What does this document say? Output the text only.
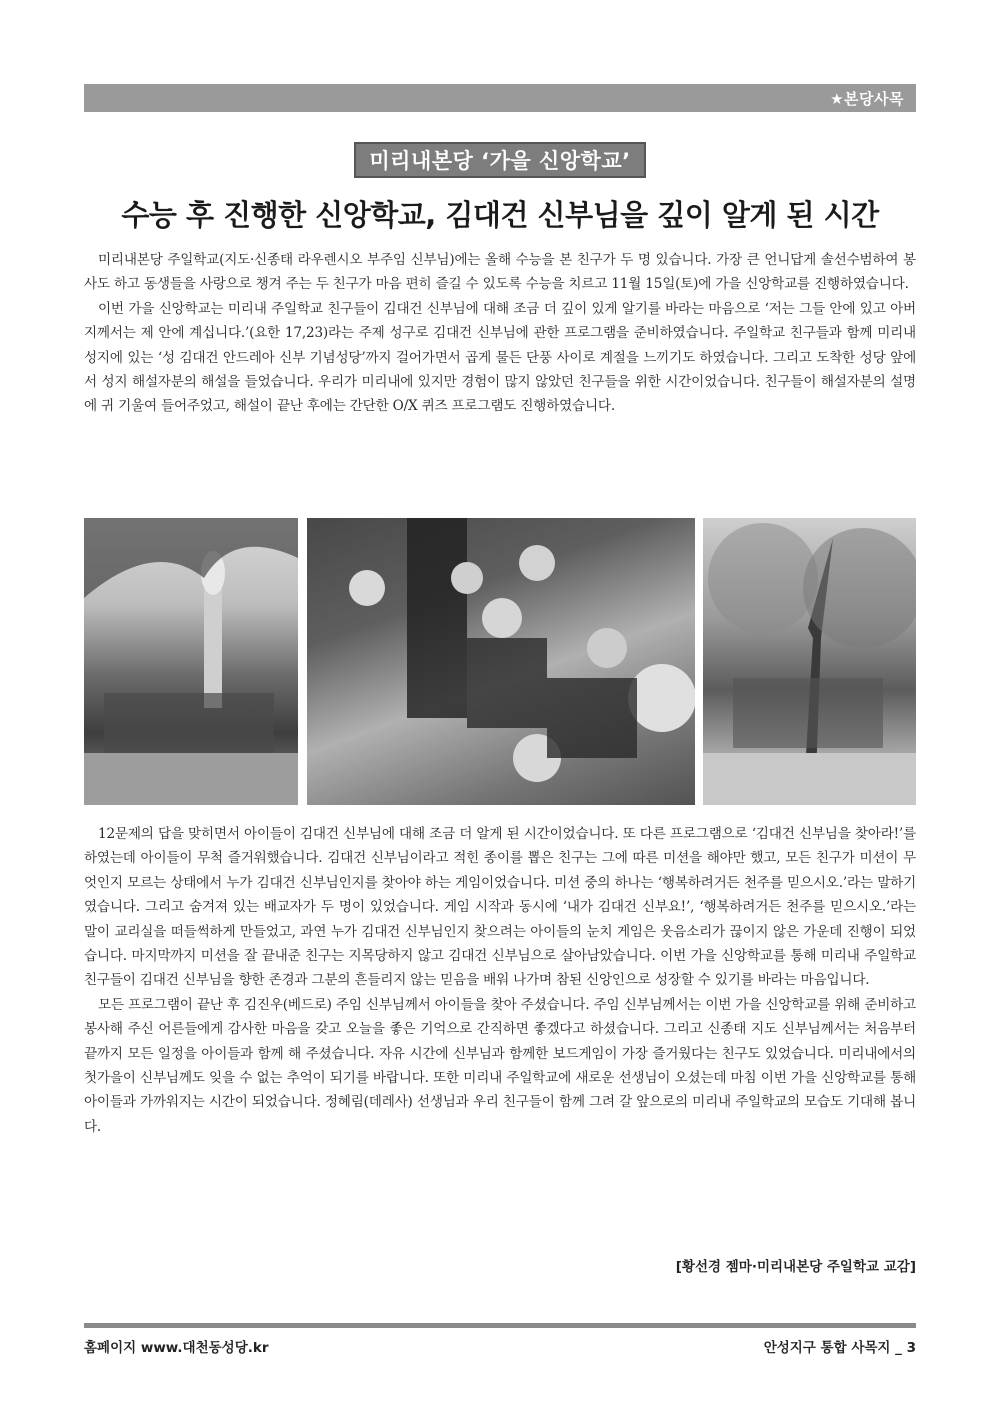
★본당사목
미리내본당 ‘가을 신앙학교’
수능 후 진행한 신앙학교, 김대건 신부님을 깊이 알게 된 시간

미리내본당 주일학교(지도·신종태 라우렌시오 부주임 신부님)에는 올해 수능을 본 친구가 두 명 있습니다. 가장 큰 언니답게 솔선수범하여 봉사도 하고 동생들을 사랑으로 챙겨 주는 두 친구가 마음 편히 즐길 수 있도록 수능을 치르고 11월 15일(토)에 가을 신앙학교를 진행하였습니다.

이번 가을 신앙학교는 미리내 주일학교 친구들이 김대건 신부님에 대해 조금 더 깊이 있게 알기를 바라는 마음으로 ‘저는 그들 안에 있고 아버지께서는 제 안에 계십니다.’(요한 17,23)라는 주제 성구로 김대건 신부님에 관한 프로그램을 준비하였습니다. 주일학교 친구들과 함께 미리내성지에 있는 ‘성 김대건 안드레아 신부 기념성당’까지 걸어가면서 곱게 물든 단풍 사이로 계절을 느끼기도 하였습니다. 그리고 도착한 성당 앞에서 성지 해설자분의 해설을 들었습니다. 우리가 미리내에 있지만 경험이 많지 않았던 친구들을 위한 시간이었습니다. 친구들이 해설자분의 설명에 귀 기울여 들어주었고, 해설이 끝난 후에는 간단한 O/X 퀴즈 프로그램도 진행하였습니다.

12문제의 답을 맞히면서 아이들이 김대건 신부님에 대해 조금 더 알게 된 시간이었습니다. 또 다른 프로그램으로 ‘김대건 신부님을 찾아라!’를 하였는데 아이들이 무척 즐거워했습니다. 김대건 신부님이라고 적힌 종이를 뽑은 친구는 그에 따른 미션을 해야만 했고, 모든 친구가 미션이 무엇인지 모르는 상태에서 누가 김대건 신부님인지를 찾아야 하는 게임이었습니다. 미션 중의 하나는 ‘행복하려거든 천주를 믿으시오.’라는 말하기였습니다. 그리고 숨겨져 있는 배교자가 두 명이 있었습니다. 게임 시작과 동시에 ‘내가 김대건 신부요!’, ‘행복하려거든 천주를 믿으시오.’라는 말이 교리실을 떠들썩하게 만들었고, 과연 누가 김대건 신부님인지 찾으려는 아이들의 눈치 게임은 웃음소리가 끊이지 않은 가운데 진행이 되었습니다. 마지막까지 미션을 잘 끝내준 친구는 지목당하지 않고 김대건 신부님으로 살아남았습니다. 이번 가을 신앙학교를 통해 미리내 주일학교 친구들이 김대건 신부님을 향한 존경과 그분의 흔들리지 않는 믿음을 배워 나가며 참된 신앙인으로 성장할 수 있기를 바라는 마음입니다.

모든 프로그램이 끝난 후 김진우(베드로) 주임 신부님께서 아이들을 찾아 주셨습니다. 주임 신부님께서는 이번 가을 신앙학교를 위해 준비하고 봉사해 주신 어른들에게 감사한 마음을 갖고 오늘을 좋은 기억으로 간직하면 좋겠다고 하셨습니다. 그리고 신종태 지도 신부님께서는 처음부터 끝까지 모든 일정을 아이들과 함께 해 주셨습니다. 자유 시간에 신부님과 함께한 보드게임이 가장 즐거웠다는 친구도 있었습니다. 미리내에서의 첫가을이 신부님께도 잊을 수 없는 추억이 되기를 바랍니다. 또한 미리내 주일학교에 새로운 선생님이 오셨는데 마침 이번 가을 신앙학교를 통해 아이들과 가까워지는 시간이 되었습니다. 정혜림(데레사) 선생님과 우리 친구들이 함께 그려 갈 앞으로의 미리내 주일학교의 모습도 기대해 봅니다.

[황선경 젬마·미리내본당 주일학교 교감]
홈페이지 www.대천동성당.kr	안성지구 통합 사목지 _ 3
